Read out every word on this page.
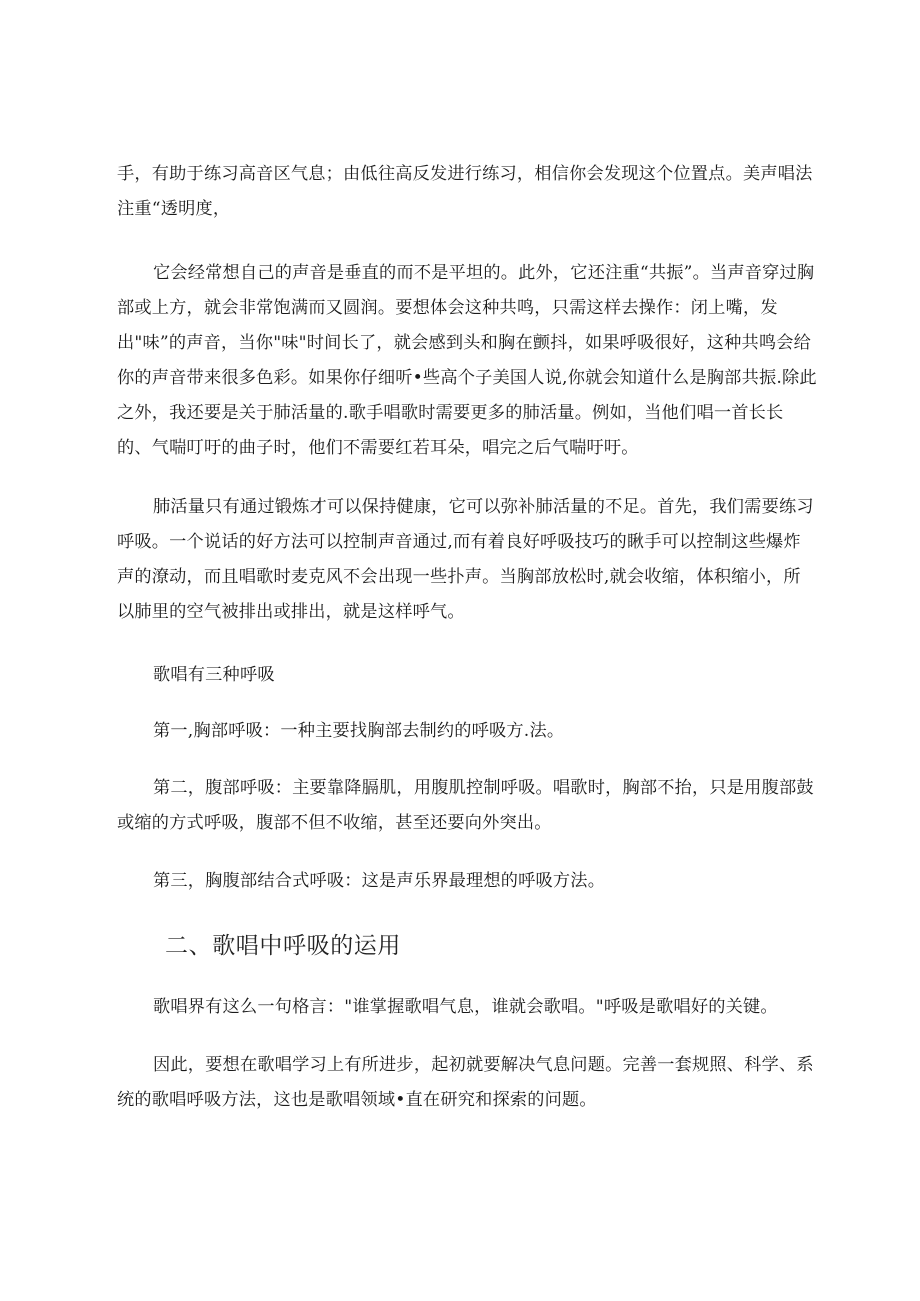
手，有助于练习高音区气息；由低往高反发进行练习，相信你会发现这个位置点。美声唱法注重“透明度，

它会经常想自己的声音是垂直的而不是平坦的。此外，它还注重“共振”。当声音穿过胸部或上方，就会非常饱满而又圆润。要想体会这种共鸣，只需这样去操作：闭上嘴，发出"味”的声音，当你"味"时间长了，就会感到头和胸在颤抖，如果呼吸很好，这种共鸣会给你的声音带来很多色彩。如果你仔细听•些高个子美国人说,你就会知道什么是胸部共振.除此之外，我还要是关于肺活量的.歌手唱歌时需要更多的肺活量。例如，当他们唱一首长长的、气喘叮吁的曲子时，他们不需要红若耳朵，唱完之后气喘吁吁。

肺活量只有通过锻炼才可以保持健康，它可以弥补肺活量的不足。首先，我们需要练习呼吸。一个说话的好方法可以控制声音通过,而有着良好呼吸技巧的瞅手可以控制这些爆炸声的潦动，而且唱歌时麦克风不会出现一些扑声。当胸部放松时,就会收缩，体积缩小，所以肺里的空气被排出或排出，就是这样呼气。

歌唱有三种呼吸

第一,胸部呼吸：一种主要找胸部去制约的呼吸方.法。

第二，腹部呼吸：主要靠降膈肌，用腹肌控制呼吸。唱歌时，胸部不抬，只是用腹部鼓或缩的方式呼吸，腹部不但不收缩，甚至还要向外突出。

第三，胸腹部结合式呼吸：这是声乐界最理想的呼吸方法。

二、歌唱中呼吸的运用

歌唱界有这么一句格言："谁掌握歌唱气息，谁就会歌唱。"呼吸是歌唱好的关键。

因此，要想在歌唱学习上有所进步，起初就要解决气息问题。完善一套规照、科学、系统的歌唱呼吸方法，这也是歌唱领域•直在研究和探索的问题。
